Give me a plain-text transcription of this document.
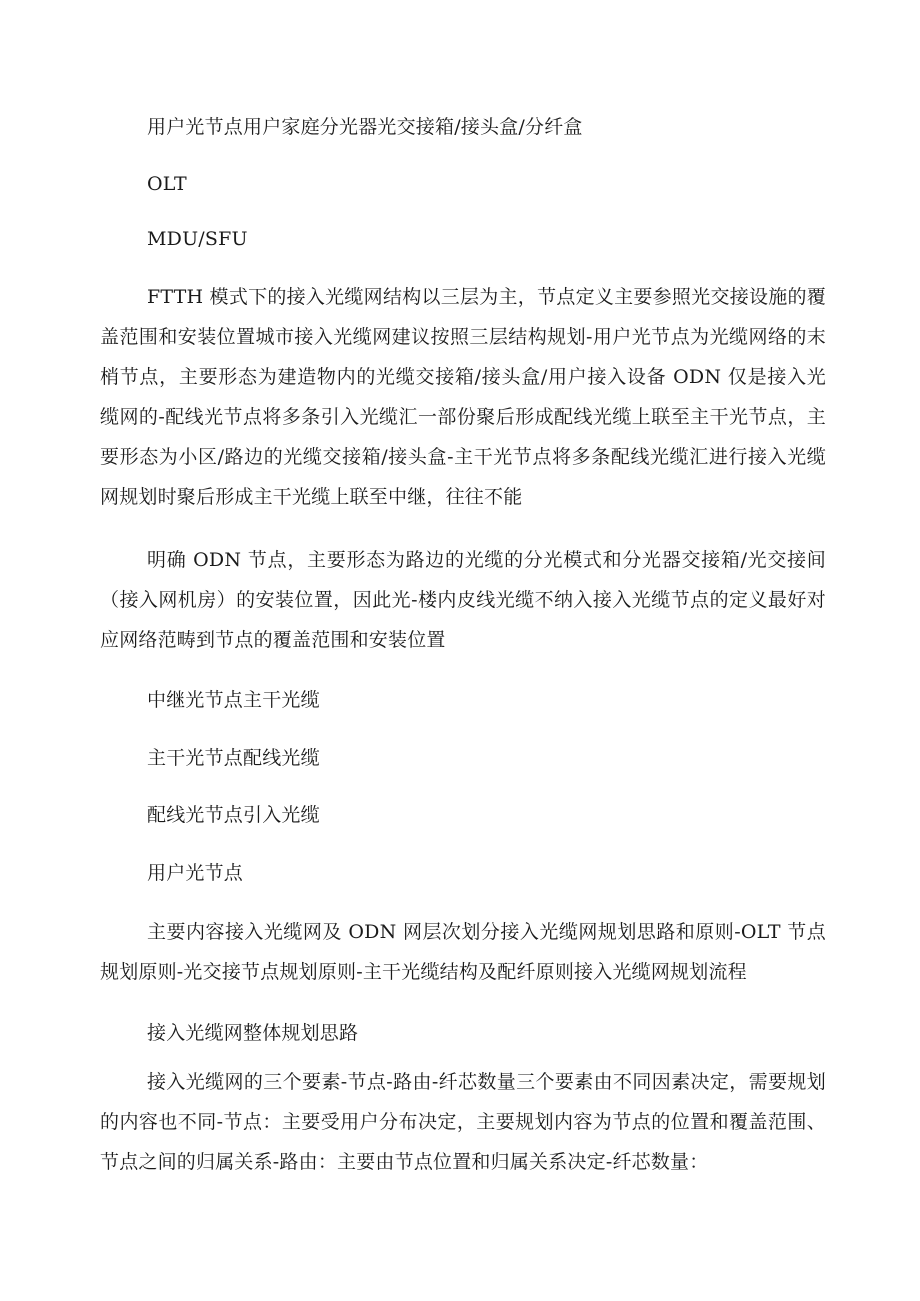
用户光节点用户家庭分光器光交接箱/接头盒/分纤盒

OLT

MDU/SFU

FTTH 模式下的接入光缆网结构以三层为主，节点定义主要参照光交接设施的覆盖范围和安装位置城市接入光缆网建议按照三层结构规划-用户光节点为光缆网络的末梢节点，主要形态为建造物内的光缆交接箱/接头盒/用户接入设备 ODN 仅是接入光缆网的-配线光节点将多条引入光缆汇一部份聚后形成配线光缆上联至主干光节点，主要形态为小区/路边的光缆交接箱/接头盒-主干光节点将多条配线光缆汇进行接入光缆网规划时聚后形成主干光缆上联至中继，往往不能

明确 ODN 节点，主要形态为路边的光缆的分光模式和分光器交接箱/光交接间（接入网机房）的安装位置，因此光-楼内皮线光缆不纳入接入光缆节点的定义最好对应网络范畴到节点的覆盖范围和安装位置

中继光节点主干光缆

主干光节点配线光缆

配线光节点引入光缆

用户光节点

主要内容接入光缆网及 ODN 网层次划分接入光缆网规划思路和原则-OLT 节点规划原则-光交接节点规划原则-主干光缆结构及配纤原则接入光缆网规划流程

接入光缆网整体规划思路

接入光缆网的三个要素-节点-路由-纤芯数量三个要素由不同因素决定，需要规划的内容也不同-节点：主要受用户分布决定，主要规划内容为节点的位置和覆盖范围、节点之间的归属关系-路由：主要由节点位置和归属关系决定-纤芯数量：
